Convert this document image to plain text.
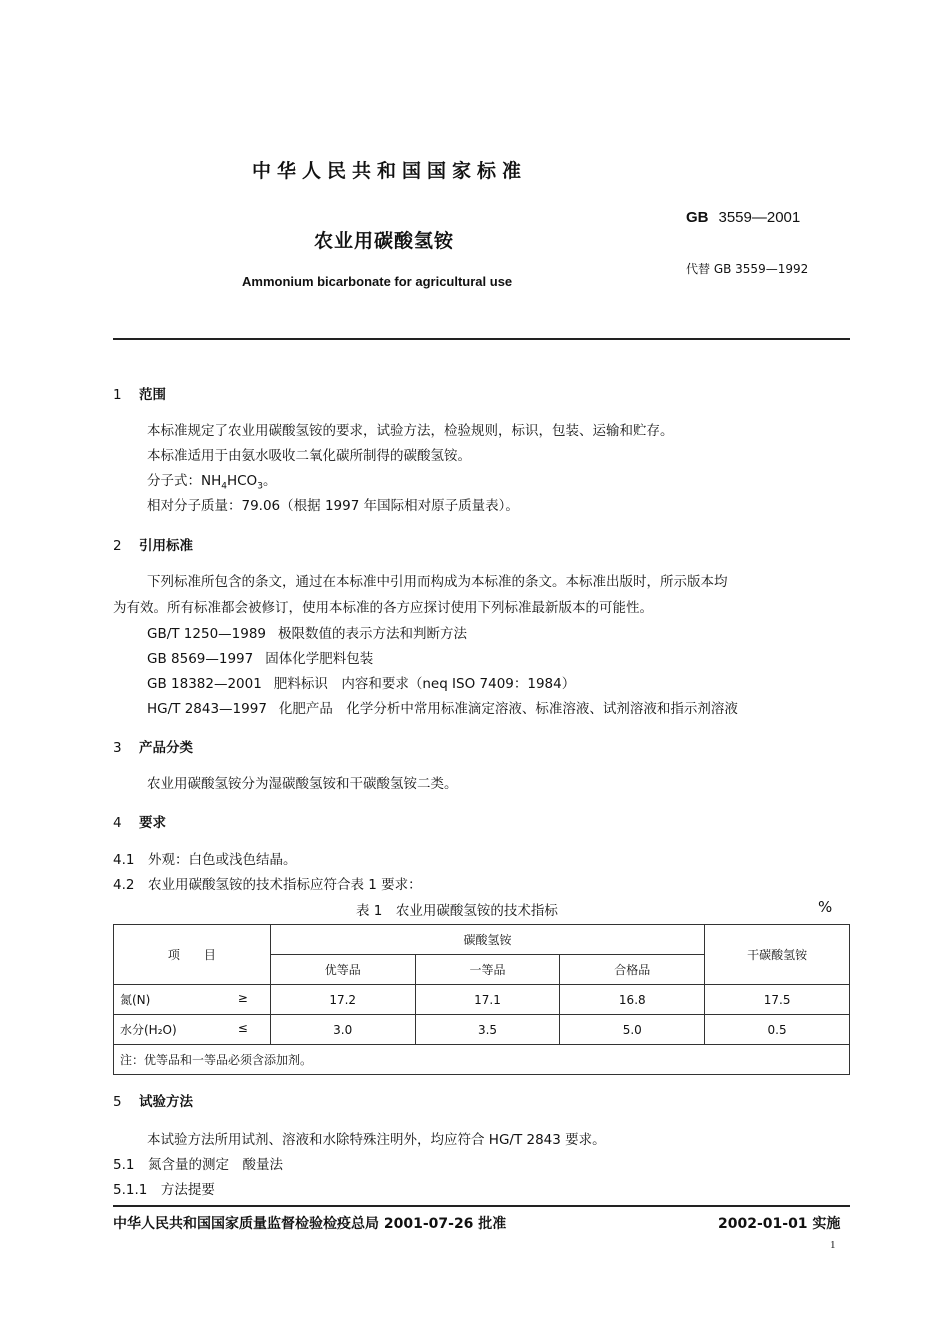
中华人民共和国国家标准
农业用碳酸氢铵
Ammonium bicarbonate for agricultural use
GB 3559—2001
代替 GB 3559—1992
1 范围
本标准规定了农业用碳酸氢铵的要求，试验方法，检验规则，标识，包装、运输和贮存。
本标准适用于由氨水吸收二氧化碳所制得的碳酸氢铵。
分子式：$NH_4HCO_3$。
相对分子质量：79.06（根据 1997 年国际相对原子质量表）。
2 引用标准
下列标准所包含的条文，通过在本标准中引用而构成为本标准的条文。本标准出版时，所示版本均
为有效。所有标准都会被修订，使用本标准的各方应探讨使用下列标准最新版本的可能性。
GB/T 1250—1989 极限数值的表示方法和判断方法
GB 8569—1997 固体化学肥料包装
GB 18382—2001 肥料标识　内容和要求（neq ISO 7409：1984）
HG/T 2843—1997 化肥产品　化学分析中常用标准滴定溶液、标准溶液、试剂溶液和指示剂溶液
3 产品分类
农业用碳酸氢铵分为湿碳酸氢铵和干碳酸氢铵二类。
4 要求
4.1　外观：白色或浅色结晶。
4.2　农业用碳酸氢铵的技术指标应符合表 1 要求：
表 1　农业用碳酸氢铵的技术指标	%
项　　目	碳酸氢铵			干碳酸氢铵
	优等品	一等品	合格品	
氮(N) ≥	17.2	17.1	16.8	17.5
水分(H₂O) ≤	3.0	3.5	5.0	0.5
注：优等品和一等品必须含添加剂。				
5 试验方法
本试验方法所用试剂、溶液和水除特殊注明外，均应符合 HG/T 2843 要求。
5.1　氮含量的测定　酸量法
5.1.1　方法提要
中华人民共和国国家质量监督检验检疫总局 2001-07-26 批准	2002-01-01 实施
1
